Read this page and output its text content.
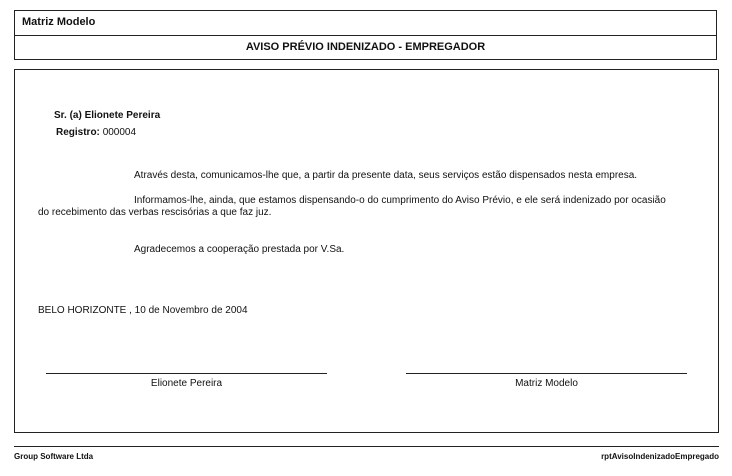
Matriz Modelo
AVISO PRÉVIO INDENIZADO - EMPREGADOR
Sr. (a) Elionete Pereira
Registro: 000004
Através desta, comunicamos-lhe que, a partir da presente data, seus serviços estão dispensados nesta empresa.
Informamos-lhe, ainda, que estamos dispensando-o do cumprimento do Aviso Prévio, e ele será indenizado por ocasião do recebimento das verbas rescisórias a que faz juz.
Agradecemos a cooperação prestada por V.Sa.
BELO HORIZONTE , 10 de Novembro de 2004
Elionete Pereira	Matriz Modelo
Group Software Ltda	rptAvisoIndenizadoEmpregado
